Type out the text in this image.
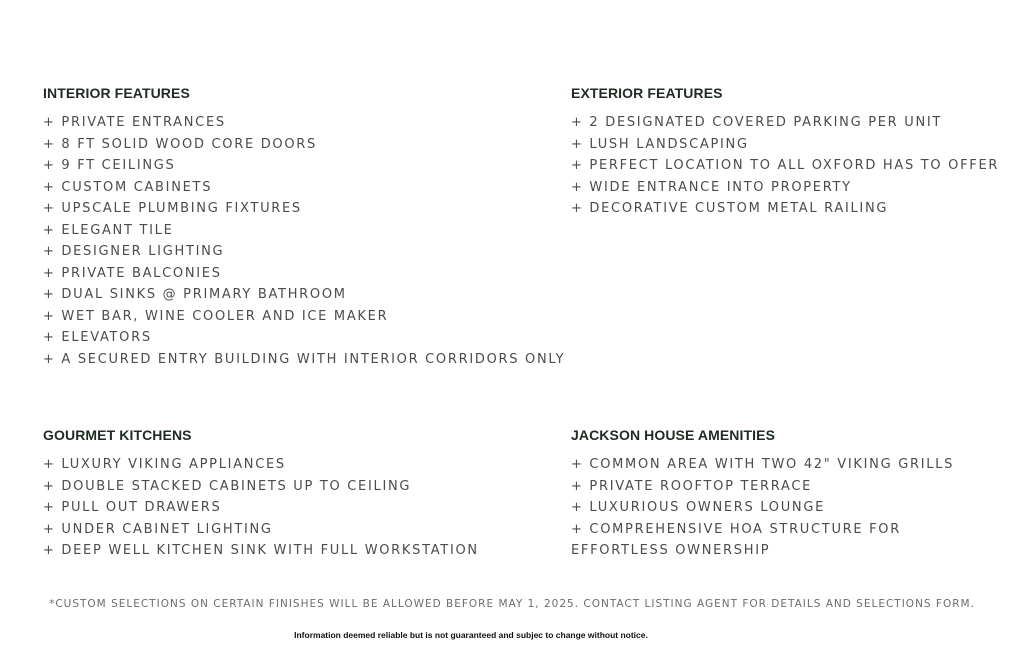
INTERIOR FEATURES
+ PRIVATE ENTRANCES
+ 8 FT SOLID WOOD CORE DOORS
+ 9 FT CEILINGS
+ CUSTOM CABINETS
+ UPSCALE PLUMBING FIXTURES
+ ELEGANT TILE
+ DESIGNER LIGHTING
+ PRIVATE BALCONIES
+ DUAL SINKS @ PRIMARY BATHROOM
+ WET BAR, WINE COOLER AND ICE MAKER
+ ELEVATORS
+ A SECURED ENTRY BUILDING WITH INTERIOR CORRIDORS ONLY
EXTERIOR FEATURES
+ 2 DESIGNATED COVERED PARKING PER UNIT
+ LUSH LANDSCAPING
+ PERFECT LOCATION TO ALL OXFORD HAS TO OFFER
+ WIDE ENTRANCE INTO PROPERTY
+ DECORATIVE CUSTOM METAL RAILING
GOURMET KITCHENS
+ LUXURY VIKING APPLIANCES
+ DOUBLE STACKED CABINETS UP TO CEILING
+ PULL OUT DRAWERS
+ UNDER CABINET LIGHTING
+ DEEP WELL KITCHEN SINK WITH FULL WORKSTATION
JACKSON HOUSE AMENITIES
+ COMMON AREA WITH TWO 42" VIKING GRILLS
+ PRIVATE ROOFTOP TERRACE
+ LUXURIOUS OWNERS LOUNGE
+ COMPREHENSIVE HOA STRUCTURE FOR EFFORTLESS OWNERSHIP
*CUSTOM SELECTIONS ON CERTAIN FINISHES WILL BE ALLOWED BEFORE MAY 1, 2025. CONTACT LISTING AGENT FOR DETAILS AND SELECTIONS FORM.
Information deemed reliable but is not guaranteed and subjec to change without notice.
